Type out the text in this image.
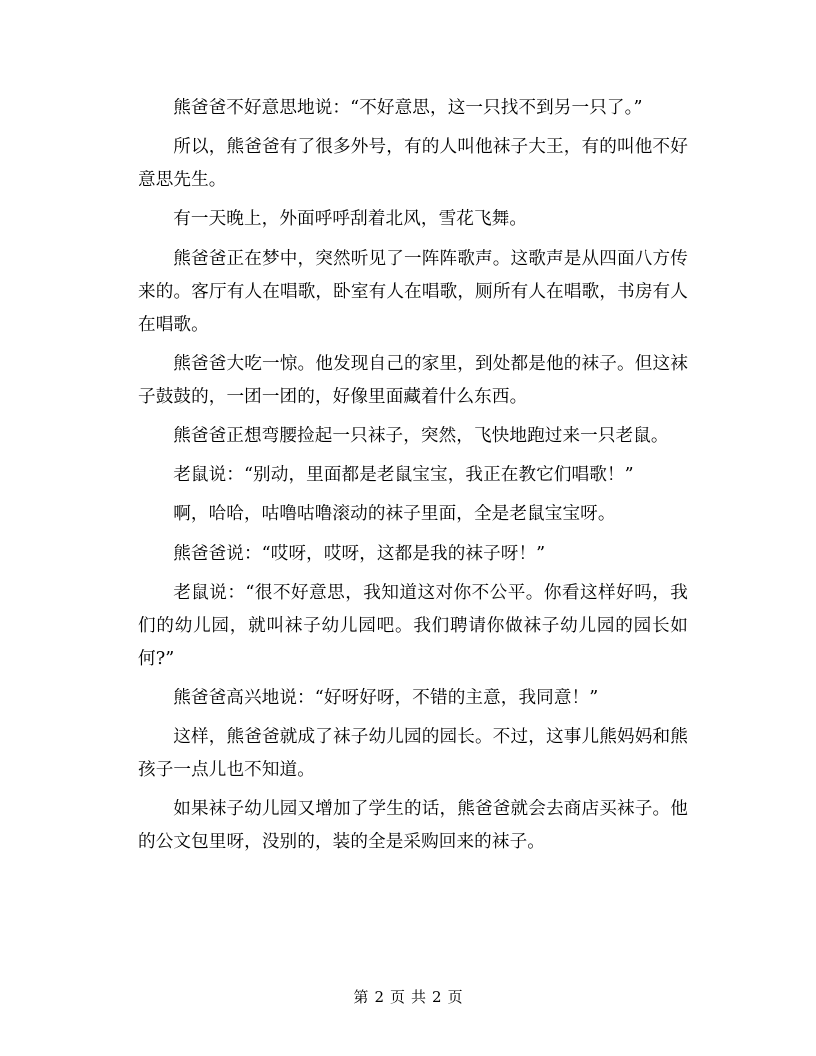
熊爸爸不好意思地说：“不好意思，这一只找不到另一只了。”

所以，熊爸爸有了很多外号，有的人叫他袜子大王，有的叫他不好意思先生。

有一天晚上，外面呼呼刮着北风，雪花飞舞。

熊爸爸正在梦中，突然听见了一阵阵歌声。这歌声是从四面八方传来的。客厅有人在唱歌，卧室有人在唱歌，厕所有人在唱歌，书房有人在唱歌。

熊爸爸大吃一惊。他发现自己的家里，到处都是他的袜子。但这袜子鼓鼓的，一团一团的，好像里面藏着什么东西。

熊爸爸正想弯腰捡起一只袜子，突然，飞快地跑过来一只老鼠。

老鼠说：“别动，里面都是老鼠宝宝，我正在教它们唱歌！”

啊，哈哈，咕噜咕噜滚动的袜子里面，全是老鼠宝宝呀。

熊爸爸说：“哎呀，哎呀，这都是我的袜子呀！”

老鼠说：“很不好意思，我知道这对你不公平。你看这样好吗，我们的幼儿园，就叫袜子幼儿园吧。我们聘请你做袜子幼儿园的园长如何?”

熊爸爸高兴地说：“好呀好呀，不错的主意，我同意！”

这样，熊爸爸就成了袜子幼儿园的园长。不过，这事儿熊妈妈和熊孩子一点儿也不知道。

如果袜子幼儿园又增加了学生的话，熊爸爸就会去商店买袜子。他的公文包里呀，没别的，装的全是采购回来的袜子。

第 2 页 共 2 页
